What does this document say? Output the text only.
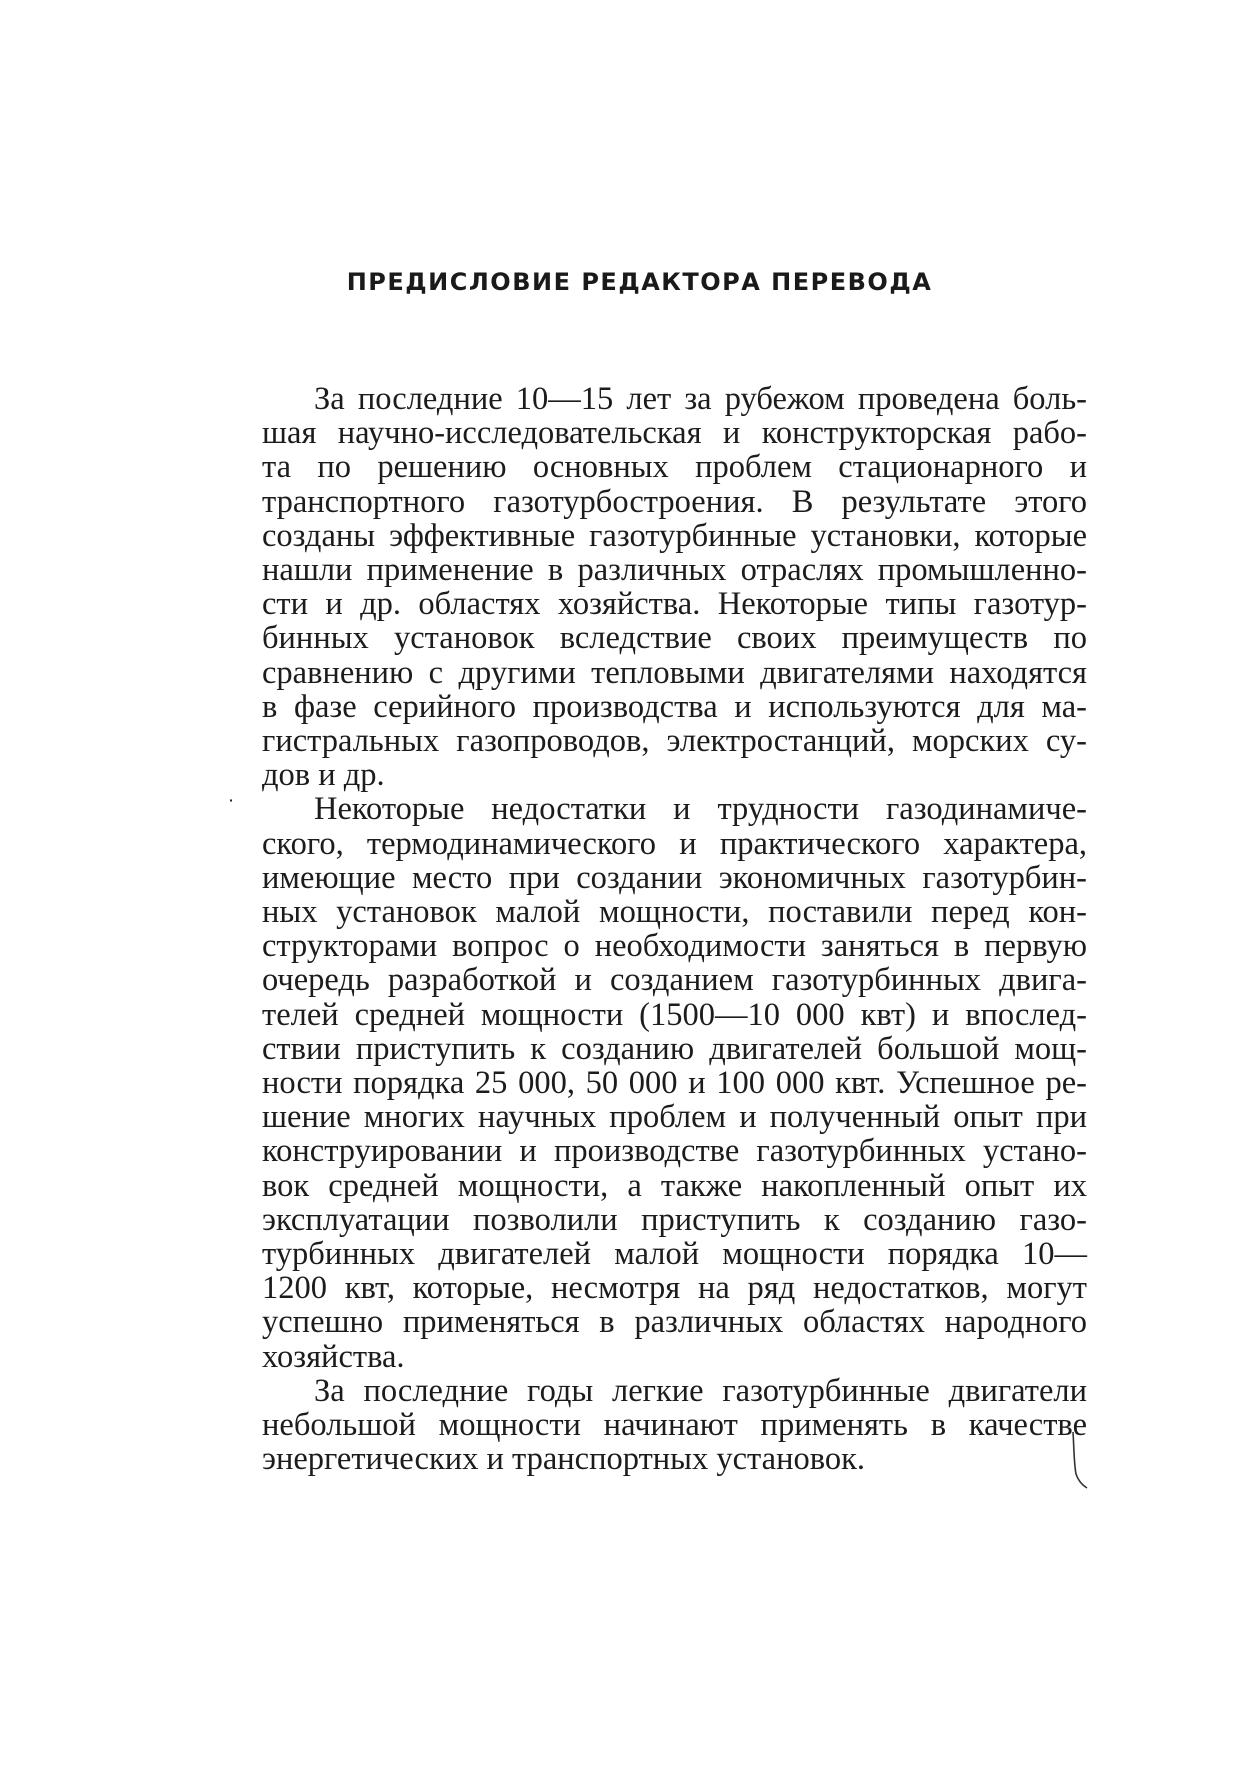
ПРЕДИСЛОВИЕ РЕДАКТОРА ПЕРЕВОДА
˙
За последние 10—15 лет за рубежом проведена боль-
шая научно-исследовательская и конструкторская рабо-
та по решению основных проблем стационарного и
транспортного газотурбостроения. В результате этого
созданы эффективные газотурбинные установки, которые
нашли применение в различных отраслях промышленно-
сти и др. областях хозяйства. Некоторые типы газотур-
бинных установок вследствие своих преимуществ по
сравнению с другими тепловыми двигателями находятся
в фазе серийного производства и используются для ма-
гистральных газопроводов, электростанций, морских су-
дов и др.
Некоторые недостатки и трудности газодинамиче-
ского, термодинамического и практического характера,
имеющие место при создании экономичных газотурбин-
ных установок малой мощности, поставили перед кон-
структорами вопрос о необходимости заняться в первую
очередь разработкой и созданием газотурбинных двига-
телей средней мощности (1500—10 000 квт) и впослед-
ствии приступить к созданию двигателей большой мощ-
ности порядка 25 000, 50 000 и 100 000 квт. Успешное ре-
шение многих научных проблем и полученный опыт при
конструировании и производстве газотурбинных устано-
вок средней мощности, а также накопленный опыт их
эксплуатации позволили приступить к созданию газо-
турбинных двигателей малой мощности порядка 10—
1200 квт, которые, несмотря на ряд недостатков, могут
успешно применяться в различных областях народного
хозяйства.
За последние годы легкие газотурбинные двигатели
небольшой мощности начинают применять в качестве
энергетических и транспортных установок.
